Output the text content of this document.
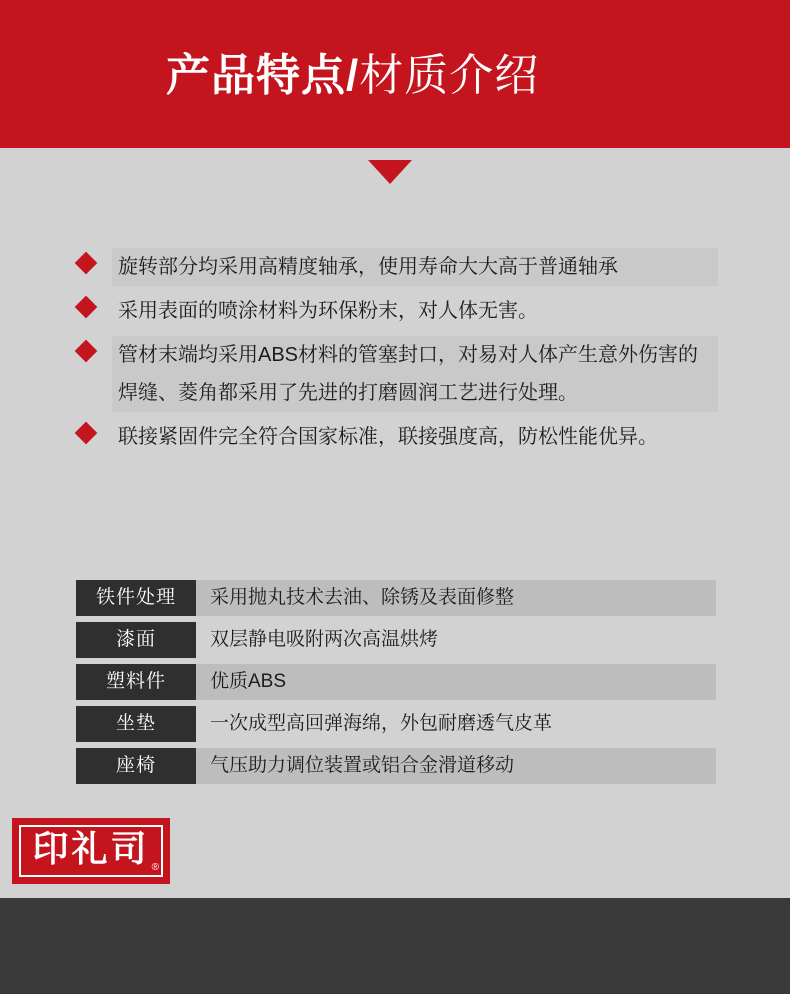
产品特点/材质介绍
旋转部分均采用高精度轴承，使用寿命大大高于普通轴承
采用表面的喷涂材料为环保粉末，对人体无害。
管材末端均采用ABS材料的管塞封口，对易对人体产生意外伤害的焊缝、菱角都采用了先进的打磨圆润工艺进行处理。
联接紧固件完全符合国家标准，联接强度高，防松性能优异。
铁件处理	采用抛丸技术去油、除锈及表面修整
漆面	双层静电吸附两次高温烘烤
塑料件	优质ABS
坐垫	一次成型高回弹海绵，外包耐磨透气皮革
座椅	气压助力调位装置或铝合金滑道移动
印礼司 ®
